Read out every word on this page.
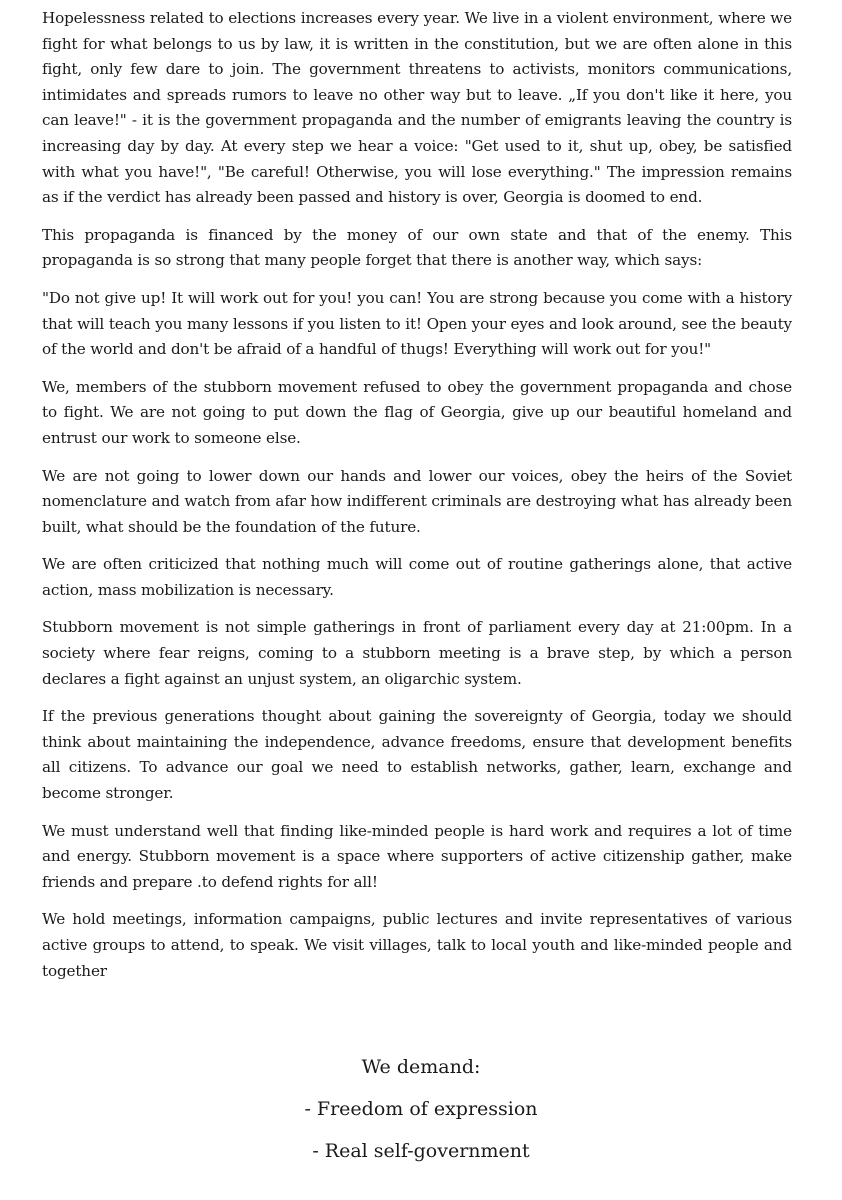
Hopelessness related to elections increases every year. We live in a violent environment, where we fight for what belongs to us by law, it is written in the constitution, but we are often alone in this fight, only few dare to join. The government threatens to activists, monitors communications, intimidates and spreads rumors to leave no other way but to leave. „If you don't like it here, you can leave!" - it is the government propaganda and the number of emigrants leaving the country is increasing day by day. At every step we hear a voice: "Get used to it, shut up, obey, be satisfied with what you have!", "Be careful! Otherwise, you will lose everything." The impression remains as if the verdict has already been passed and history is over, Georgia is doomed to end.

This propaganda is financed by the money of our own state and that of the enemy. This propaganda is so strong that many people forget that there is another way, which says:

"Do not give up! It will work out for you! you can! You are strong because you come with a history that will teach you many lessons if you listen to it! Open your eyes and look around, see the beauty of the world and don't be afraid of a handful of thugs! Everything will work out for you!"

We, members of the stubborn movement refused to obey the government propaganda and chose to fight. We are not going to put down the flag of Georgia, give up our beautiful homeland and entrust our work to someone else.

We are not going to lower down our hands and lower our voices, obey the heirs of the Soviet nomenclature and watch from afar how indifferent criminals are destroying what has already been built, what should be the foundation of the future.

We are often criticized that nothing much will come out of routine gatherings alone, that active action, mass mobilization is necessary.

Stubborn movement is not simple gatherings in front of parliament every day at 21:00pm. In a society where fear reigns, coming to a stubborn meeting is a brave step, by which a person declares a fight against an unjust system, an oligarchic system.

If the previous generations thought about gaining the sovereignty of Georgia, today we should think about maintaining the independence, advance freedoms, ensure that development benefits all citizens. To advance our goal we need to establish networks, gather, learn, exchange and become stronger.

We must understand well that finding like-minded people is hard work and requires a lot of time and energy. Stubborn movement is a space where supporters of active citizenship gather, make friends and prepare .to defend rights for all!

We hold meetings, information campaigns, public lectures and invite representatives of various active groups to attend, to speak. We visit villages, talk to local youth and like-minded people and together

We demand:

- Freedom of expression

- Real self-government
